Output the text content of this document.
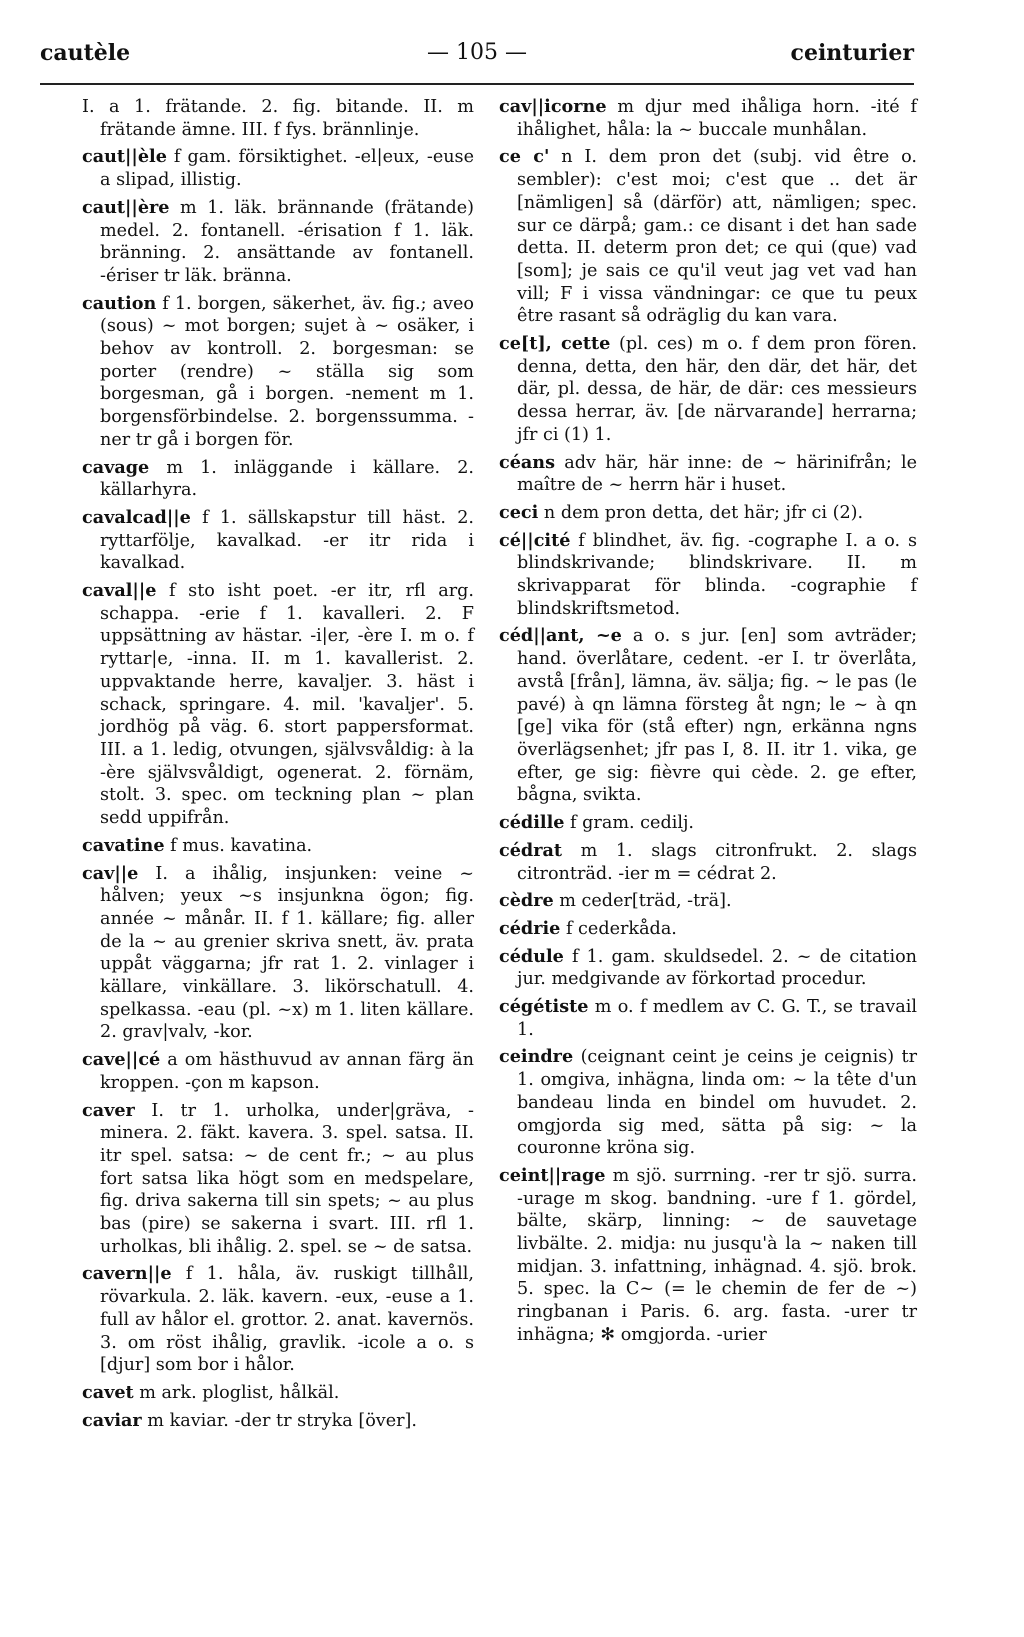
cautèle	— 105 —	ceinturier

I. a 1. frätande. 2. fig. bitande. II. m frätande ämne. III. f fys. brännlinje.

caut||èle f gam. försiktighet. -el|eux, -euse a slipad, illistig.

caut||ère m 1. läk. brännande (frätande) medel. 2. fontanell. -érisation f 1. läk. bränning. 2. ansättande av fontanell. -ériser tr läk. bränna.

caution f 1. borgen, säkerhet, äv. fig.; aveo (sous) ~ mot borgen; sujet à ~ osäker, i behov av kontroll. 2. borgesman: se porter (rendre) ~ ställa sig som borgesman, gå i borgen. -nement m 1. borgensförbindelse. 2. borgenssumma. -ner tr gå i borgen för.

cavage m 1. inläggande i källare. 2. källarhyra.

cavalcad||e f 1. sällskapstur till häst. 2. ryttarfölje, kavalkad. -er itr rida i kavalkad.

caval||e f sto isht poet. -er itr, rfl arg. schappa. -erie f 1. kavalleri. 2. F uppsättning av hästar. -i|er, -ère I. m o. f ryttar|e, -inna. II. m 1. kavallerist. 2. uppvaktande herre, kavaljer. 3. häst i schack, springare. 4. mil. 'kavaljer'. 5. jordhög på väg. 6. stort pappersformat. III. a 1. ledig, otvungen, självsvåldig: à la -ère självsvåldigt, ogenerat. 2. förnäm, stolt. 3. spec. om teckning plan ~ plan sedd uppifrån.

cavatine f mus. kavatina.

cav||e I. a ihålig, insjunken: veine ~ hålven; yeux ~s insjunkna ögon; fig. année ~ månår. II. f 1. källare; fig. aller de la ~ au grenier skriva snett, äv. prata uppåt väggarna; jfr rat 1. 2. vinlager i källare, vinkällare. 3. likörschatull. 4. spelkassa. -eau (pl. ~x) m 1. liten källare. 2. grav|valv, -kor.

cave||cé a om hästhuvud av annan färg än kroppen. -çon m kapson.

caver I. tr 1. urholka, under|gräva, -minera. 2. fäkt. kavera. 3. spel. satsa. II. itr spel. satsa: ~ de cent fr.; ~ au plus fort satsa lika högt som en medspelare, fig. driva sakerna till sin spets; ~ au plus bas (pire) se sakerna i svart. III. rfl 1. urholkas, bli ihålig. 2. spel. se ~ de satsa.

cavern||e f 1. håla, äv. ruskigt tillhåll, rövarkula. 2. läk. kavern. -eux, -euse a 1. full av hålor el. grottor. 2. anat. kavernös. 3. om röst ihålig, gravlik. -icole a o. s [djur] som bor i hålor.

cavet m ark. ploglist, hålkäl.

caviar m kaviar. -der tr stryka [över].

cav||icorne m djur med ihåliga horn. -ité f ihålighet, håla: la ~ buccale munhålan.

ce c' n I. dem pron det (subj. vid être o. sembler): c'est moi; c'est que .. det är [nämligen] så (därför) att, nämligen; spec. sur ce därpå; gam.: ce disant i det han sade detta. II. determ pron det; ce qui (que) vad [som]; je sais ce qu'il veut jag vet vad han vill; F i vissa vändningar: ce que tu peux être rasant så odräglig du kan vara.

ce[t], cette (pl. ces) m o. f dem pron fören. denna, detta, den här, den där, det här, det där, pl. dessa, de här, de där: ces messieurs dessa herrar, äv. [de närvarande] herrarna; jfr ci (1) 1.

céans adv här, här inne: de ~ härinifrån; le maître de ~ herrn här i huset.

ceci n dem pron detta, det här; jfr ci (2).

cé||cité f blindhet, äv. fig. -cographe I. a o. s blindskrivande; blindskrivare. II. m skrivapparat för blinda. -cographie f blindskriftsmetod.

céd||ant, ~e a o. s jur. [en] som avträder; hand. överlåtare, cedent. -er I. tr överlåta, avstå [från], lämna, äv. sälja; fig. ~ le pas (le pavé) à qn lämna försteg åt ngn; le ~ à qn [ge] vika för (stå efter) ngn, erkänna ngns överlägsenhet; jfr pas I, 8. II. itr 1. vika, ge efter, ge sig: fièvre qui cède. 2. ge efter, bågna, svikta.

cédille f gram. cedilj.

cédrat m 1. slags citronfrukt. 2. slags citronträd. -ier m = cédrat 2.

cèdre m ceder[träd, -trä].

cédrie f cederkåda.

cédule f 1. gam. skuldsedel. 2. ~ de citation jur. medgivande av förkortad procedur.

cégétiste m o. f medlem av C. G. T., se travail 1.

ceindre (ceignant ceint je ceins je ceignis) tr 1. omgiva, inhägna, linda om: ~ la tête d'un bandeau linda en bindel om huvudet. 2. omgjorda sig med, sätta på sig: ~ la couronne kröna sig.

ceint||rage m sjö. surrning. -rer tr sjö. surra. -urage m skog. bandning. -ure f 1. gördel, bälte, skärp, linning: ~ de sauvetage livbälte. 2. midja: nu jusqu'à la ~ naken till midjan. 3. infattning, inhägnad. 4. sjö. brok. 5. spec. la C~ (= le chemin de fer de ~) ringbanan i Paris. 6. arg. fasta. -urer tr inhägna; ✻ omgjorda. -urier
